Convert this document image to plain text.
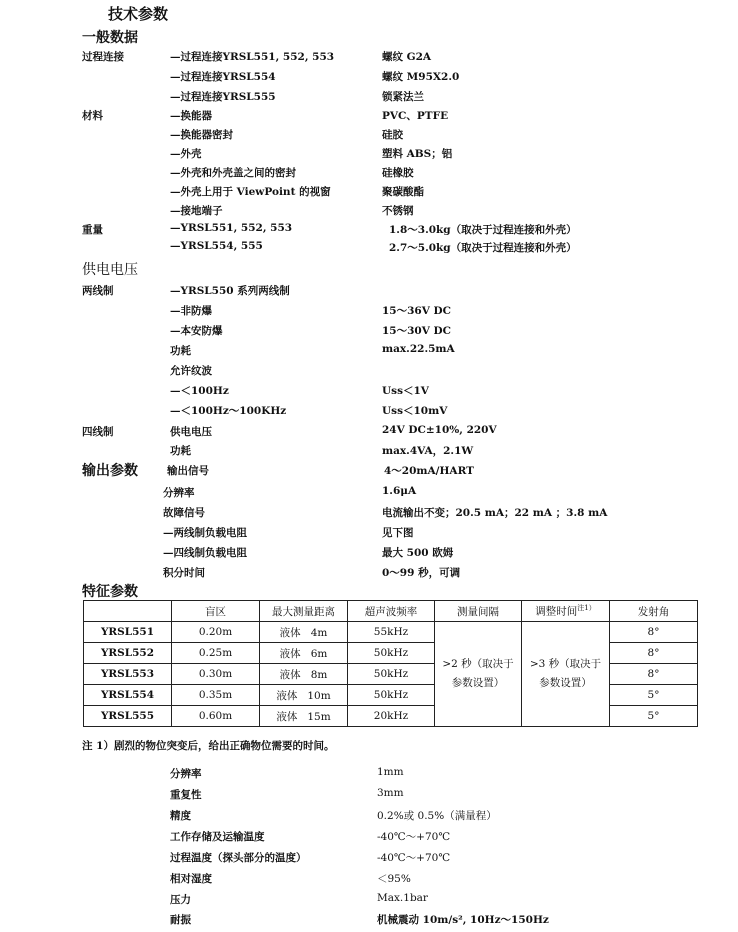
技术参数
一般数据
过程连接	—过程连接YRSL551, 552, 553	螺纹 G2A
—过程连接YRSL554	螺纹 M95X2.0
—过程连接YRSL555	锁紧法兰
材料	—换能器	PVC、PTFE
—换能器密封	硅胶
—外壳	塑料 ABS；铝
—外壳和外壳盖之间的密封	硅橡胶
—外壳上用于 ViewPoint 的视窗	聚碳酸酯
—接地端子	不锈钢
重量	—YRSL551, 552, 553	1.8～3.0kg（取决于过程连接和外壳）
—YRSL554, 555	2.7～5.0kg（取决于过程连接和外壳）
供电电压
两线制	—YRSL550 系列两线制
—非防爆	15～36V DC
—本安防爆	15～30V DC
功耗	max.22.5mA
允许纹波
—＜100Hz	Uss＜1V
—＜100Hz～100KHz	Uss＜10mV
四线制	供电电压	24V DC±10%, 220V
功耗	max.4VA，2.1W
输出参数	输出信号	4～20mA/HART
分辨率	1.6μA
故障信号	电流输出不变；20.5 mA；22 mA ；3.8 mA
—两线制负载电阻	见下图
—四线制负载电阻	最大 500 欧姆
积分时间	0～99 秒，可调
特征参数
	盲区	最大测量距离	超声波频率	测量间隔	调整时间$^{注1)}$	发射角
YRSL551	0.20m	液体 4m	55kHz	>2 秒（取决于参数设置）	>3 秒（取决于参数设置）	8°
YRSL552	0.25m	液体 6m	50kHz			8°
YRSL553	0.30m	液体 8m	50kHz			8°
YRSL554	0.35m	液体 10m	50kHz			5°
YRSL555	0.60m	液体 15m	20kHz			5°
注 1）剧烈的物位突变后，给出正确物位需要的时间。
分辨率	1mm
重复性	3mm
精度	0.2%或 0.5%（满量程）
工作存储及运输温度	-40℃～+70℃
过程温度（探头部分的温度）	-40℃～+70℃
相对湿度	＜95%
压力	Max.1bar
耐振	机械震动 10m/s², 10Hz～150Hz
